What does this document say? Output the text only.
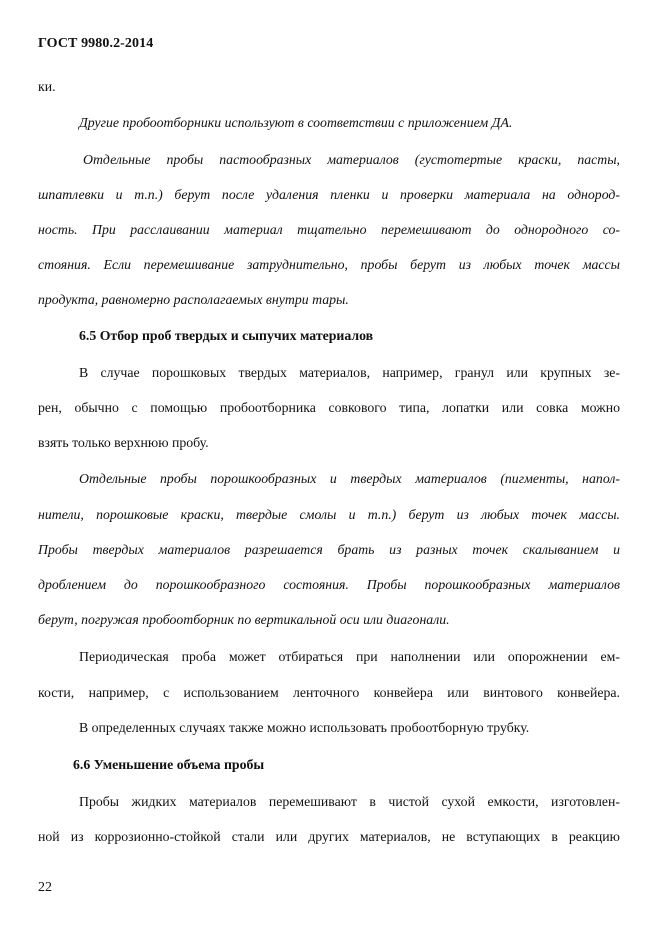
ГОСТ 9980.2-2014
ки.
Другие пробоотборники используют в соответствии с приложением ДА.
Отдельные пробы пастообразных материалов (густотертые краски, пасты,
шпатлевки и т.п.) берут после удаления пленки и проверки материала на однород-
ность. При расслаивании материал тщательно перемешивают до однородного со-
стояния. Если перемешивание затруднительно, пробы берут из любых точек массы
продукта, равномерно располагаемых внутри тары.
6.5 Отбор проб твердых и сыпучих материалов
В случае порошковых твердых материалов, например, гранул или крупных зе-
рен, обычно с помощью пробоотборника совкового типа, лопатки или совка можно
взять только верхнюю пробу.
Отдельные пробы порошкообразных и твердых материалов (пигменты, напол-
нители, порошковые краски, твердые смолы и т.п.) берут из любых точек массы.
Пробы твердых материалов разрешается брать из разных точек скалыванием и
дроблением до порошкообразного состояния. Пробы порошкообразных материалов
берут, погружая пробоотборник по вертикальной оси или диагонали.
Периодическая проба может отбираться при наполнении или опорожнении ем-
кости, например, с использованием ленточного конвейера или винтового конвейера.
В определенных случаях также можно использовать пробоотборную трубку.
6.6 Уменьшение объема пробы
Пробы жидких материалов перемешивают в чистой сухой емкости, изготовлен-
ной из коррозионно-стойкой стали или других материалов, не вступающих в реакцию
22
